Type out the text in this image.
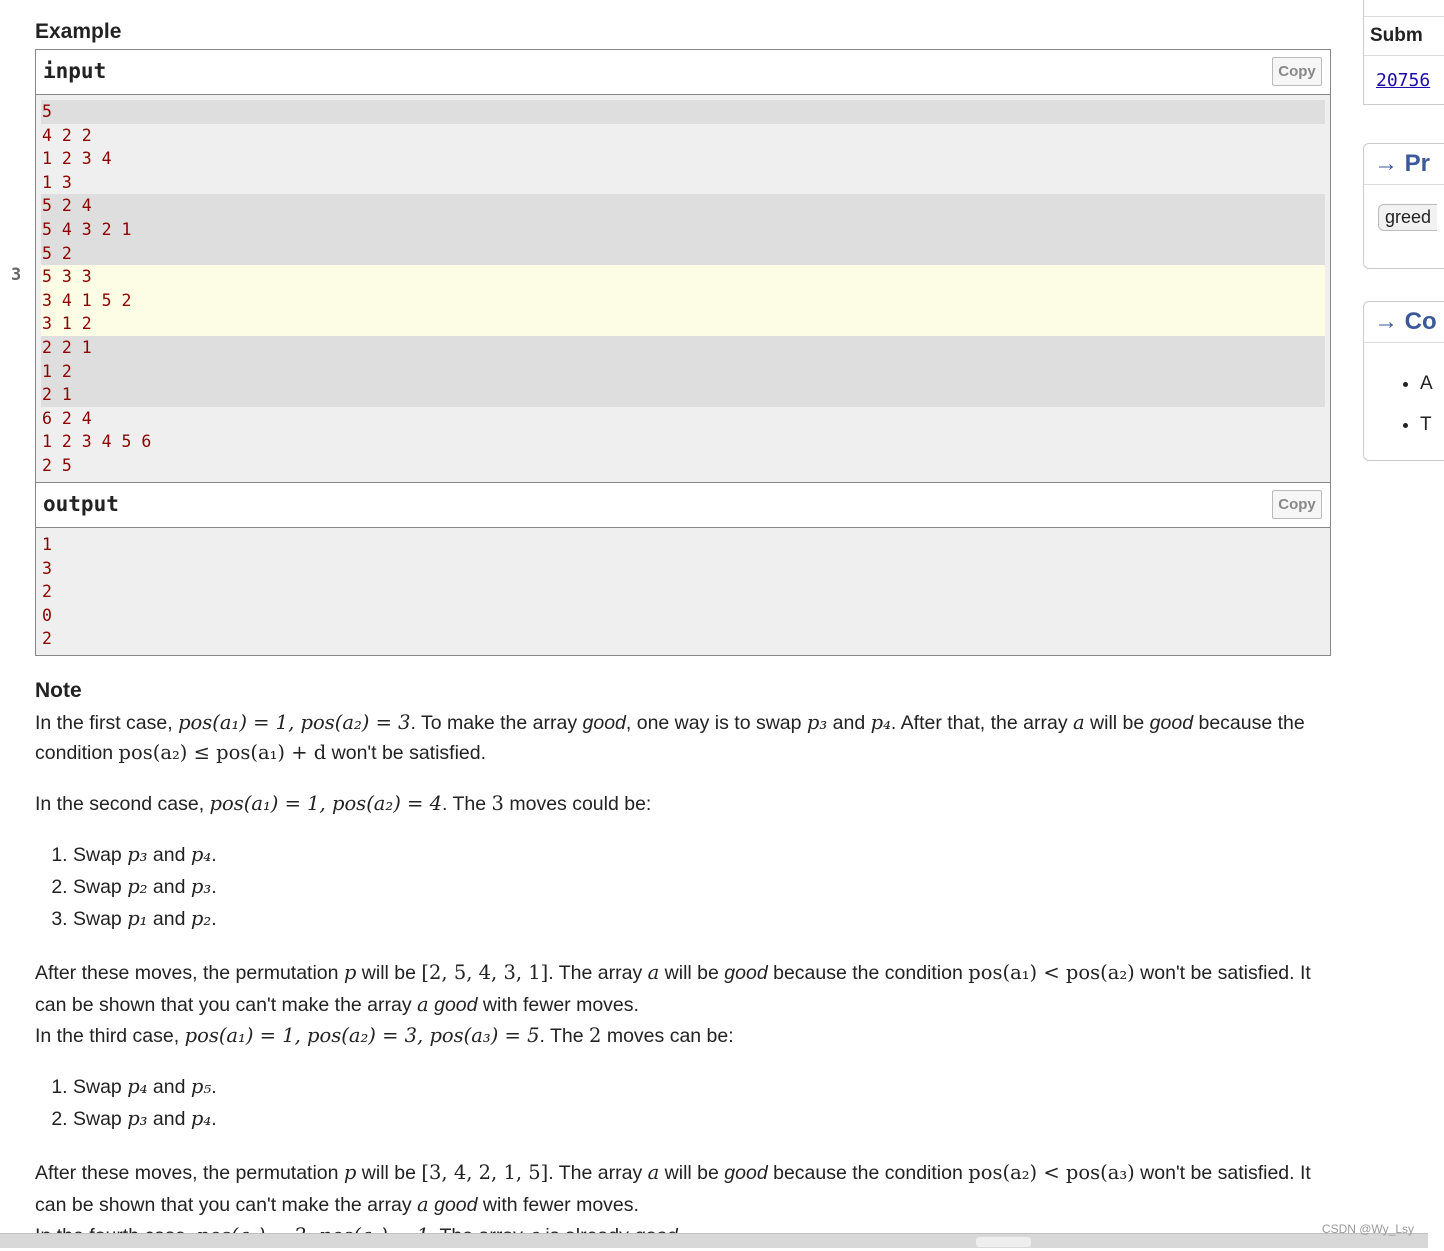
Example
input	Copy
5
4 2 2
1 2 3 4
1 3
5 2 4
5 4 3 2 1
5 2
5 3 3
3 4 1 5 2
3 1 2
2 2 1
1 2
2 1
6 2 4
1 2 3 4 5 6
2 5
3
output	Copy
1
3
2
0
2
Note

In the first case, pos(a₁) = 1, pos(a₂) = 3. To make the array good, one way is to swap p₃ and p₄. After that, the array a will be good because the condition pos(a₂) ≤ pos(a₁) + d won't be satisfied.

In the second case, pos(a₁) = 1, pos(a₂) = 4. The 3 moves could be:

1. Swap p₃ and p₄.
2. Swap p₂ and p₃.
3. Swap p₁ and p₂.

After these moves, the permutation p will be [2, 5, 4, 3, 1]. The array a will be good because the condition pos(a₁) < pos(a₂) won't be satisfied. It can be shown that you can't make the array a good with fewer moves.

In the third case, pos(a₁) = 1, pos(a₂) = 3, pos(a₃) = 5. The 2 moves can be:

1. Swap p₄ and p₅.
2. Swap p₃ and p₄.

After these moves, the permutation p will be [3, 4, 2, 1, 5]. The array a will be good because the condition pos(a₂) < pos(a₃) won't be satisfied. It can be shown that you can't make the array a good with fewer moves.

Subm
20756
→ Pr
greed
→ Co
• A
• T
CSDN @Wy_Lsy
